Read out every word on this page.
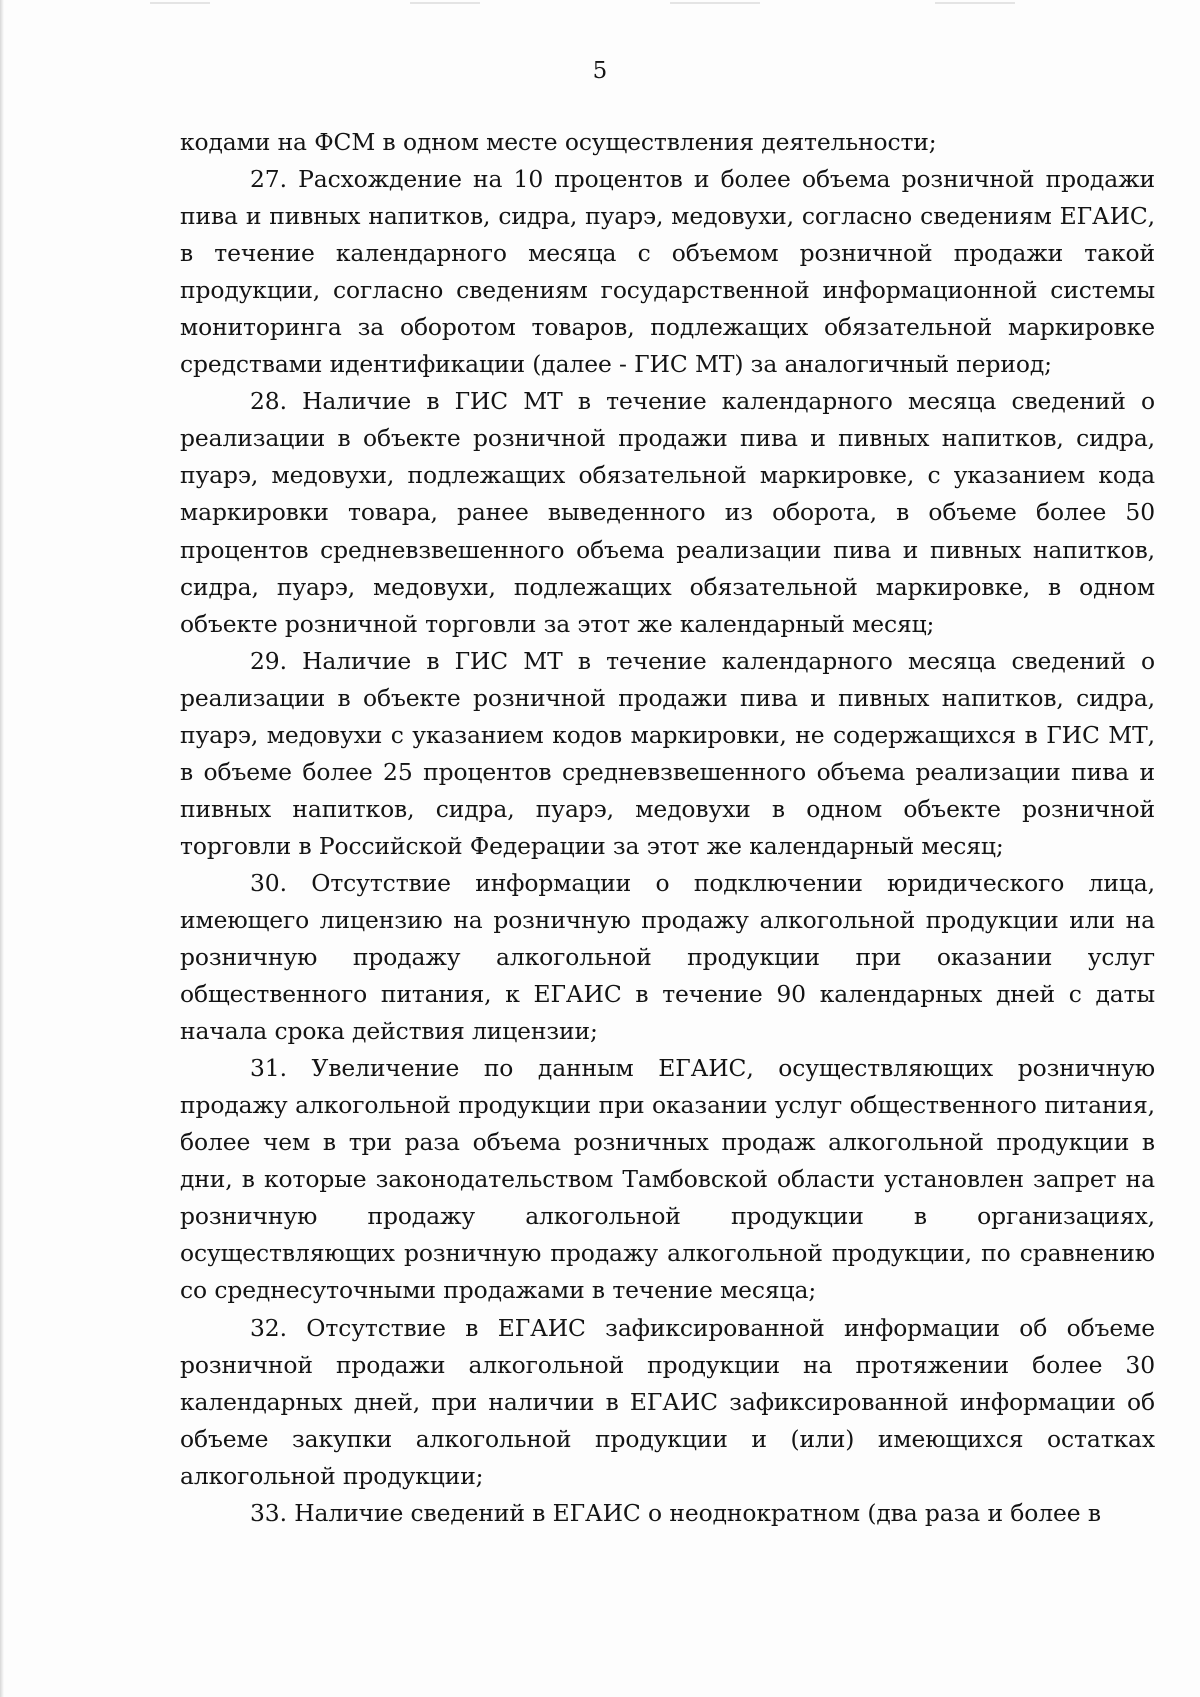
5

кодами на ФСМ в одном месте осуществления деятельности;

27. Расхождение на 10 процентов и более объема розничной продажи пива и пивных напитков, сидра, пуарэ, медовухи, согласно сведениям ЕГАИС, в течение календарного месяца с объемом розничной продажи такой продукции, согласно сведениям государственной информационной системы мониторинга за оборотом товаров, подлежащих обязательной маркировке средствами идентификации (далее - ГИС МТ) за аналогичный период;

28. Наличие в ГИС МТ в течение календарного месяца сведений о реализации в объекте розничной продажи пива и пивных напитков, сидра, пуарэ, медовухи, подлежащих обязательной маркировке, с указанием кода маркировки товара, ранее выведенного из оборота, в объеме более 50 процентов средневзвешенного объема реализации пива и пивных напитков, сидра, пуарэ, медовухи, подлежащих обязательной маркировке, в одном объекте розничной торговли за этот же календарный месяц;

29. Наличие в ГИС МТ в течение календарного месяца сведений о реализации в объекте розничной продажи пива и пивных напитков, сидра, пуарэ, медовухи с указанием кодов маркировки, не содержащихся в ГИС МТ, в объеме более 25 процентов средневзвешенного объема реализации пива и пивных напитков, сидра, пуарэ, медовухи в одном объекте розничной торговли в Российской Федерации за этот же календарный месяц;

30. Отсутствие информации о подключении юридического лица, имеющего лицензию на розничную продажу алкогольной продукции или на розничную продажу алкогольной продукции при оказании услуг общественного питания, к ЕГАИС в течение 90 календарных дней с даты начала срока действия лицензии;

31. Увеличение по данным ЕГАИС, осуществляющих розничную продажу алкогольной продукции при оказании услуг общественного питания, более чем в три раза объема розничных продаж алкогольной продукции в дни, в которые законодательством Тамбовской области установлен запрет на розничную продажу алкогольной продукции в организациях, осуществляющих розничную продажу алкогольной продукции, по сравнению со среднесуточными продажами в течение месяца;

32. Отсутствие в ЕГАИС зафиксированной информации об объеме розничной продажи алкогольной продукции на протяжении более 30 календарных дней, при наличии в ЕГАИС зафиксированной информации об объеме закупки алкогольной продукции и (или) имеющихся остатках алкогольной продукции;

33. Наличие сведений в ЕГАИС о неоднократном (два раза и более в
